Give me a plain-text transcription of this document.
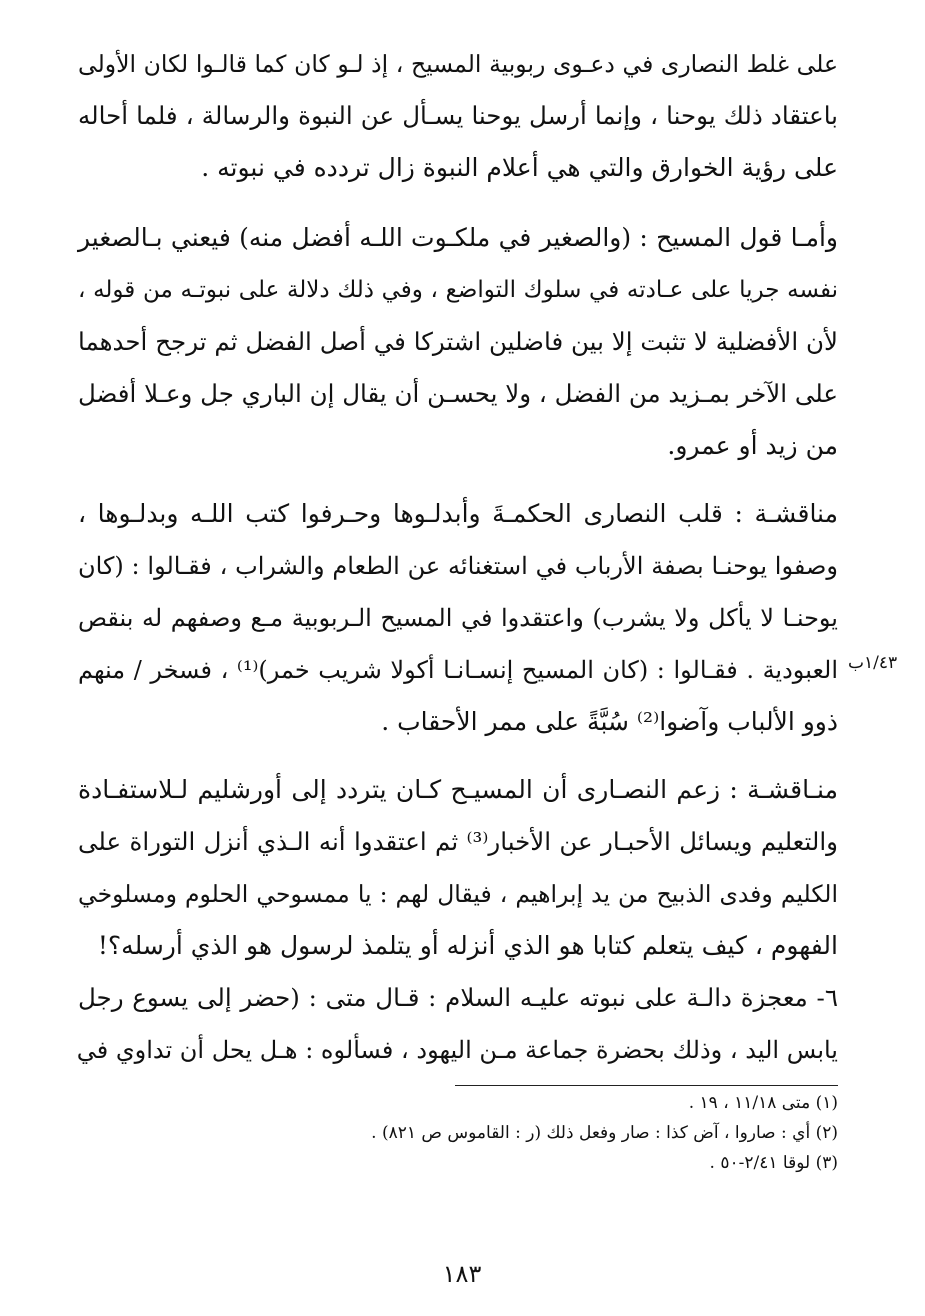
على غلط النصارى في دعـوى ربوبية المسيح ، إذ لـو كان كما قالـوا لكان الأولى
باعتقاد ذلك يوحنا ، وإنما أرسل يوحنا يسـأل عن النبوة والرسالة ، فلما أحاله
على رؤية الخوارق والتي هي أعلام النبوة زال تردده في نبوته .
وأمـا قول المسيح : (والصغير في ملكـوت اللـه أفضل منه) فيعني بـالصغير
نفسه جريا على عـادته في سلوك التواضع ، وفي ذلك دلالة على نبوتـه من قوله ،
لأن الأفضلية لا تثبت إلا بين فاضلين اشتركا في أصل الفضل ثم ترجح أحدهما
على الآخر بمـزيد من الفضل ، ولا يحسـن أن يقال إن الباري جل وعـلا أفضل
من زيد أو عمرو.
مناقشـة : قلب النصارى الحكمـةَ وأبدلـوها وحـرفوا كتب اللـه وبدلـوها ،
وصفوا يوحنـا بصفة الأرباب في استغنائه عن الطعام والشراب ، فقـالوا : (كان
يوحنـا لا يأكل ولا يشرب) واعتقدوا في المسيح الـربوبية مـع وصفهم له بنقص
العبودية . فقـالوا : (كان المسيح إنسـانـا أكولا شريب خمر)⁽¹⁾ ، فسخر / منهم
ذوو الألباب وآضوا⁽²⁾ سُبَّةً على ممر الأحقاب .
١/٤٣ب
منـاقشـة : زعم النصـارى أن المسيـح كـان يتردد إلى أورشليم لـلاستفـادة
والتعليم ويسائل الأحبـار عن الأخبار⁽³⁾ ثم اعتقدوا أنه الـذي أنزل التوراة على
الكليم وفدى الذبيح من يد إبراهيم ، فيقال لهم : يا ممسوحي الحلوم ومسلوخي
الفهوم ، كيف يتعلم كتابا هو الذي أنزله أو يتلمذ لرسول هو الذي أرسله؟!
٦- معجزة دالـة على نبوته عليـه السلام : قـال متى : (حضر إلى يسوع رجل
يابس اليد ، وذلك بحضرة جماعة مـن اليهود ، فسألوه : هـل يحل أن تداوي في
(١) متى ١١/١٨ ، ١٩ .
(٢) أي : صاروا ، آض كذا : صار وفعل ذلك (ر : القاموس ص ٨٢١) .
(٣) لوقا ٢/٤١-٥٠ .
١٨٣
